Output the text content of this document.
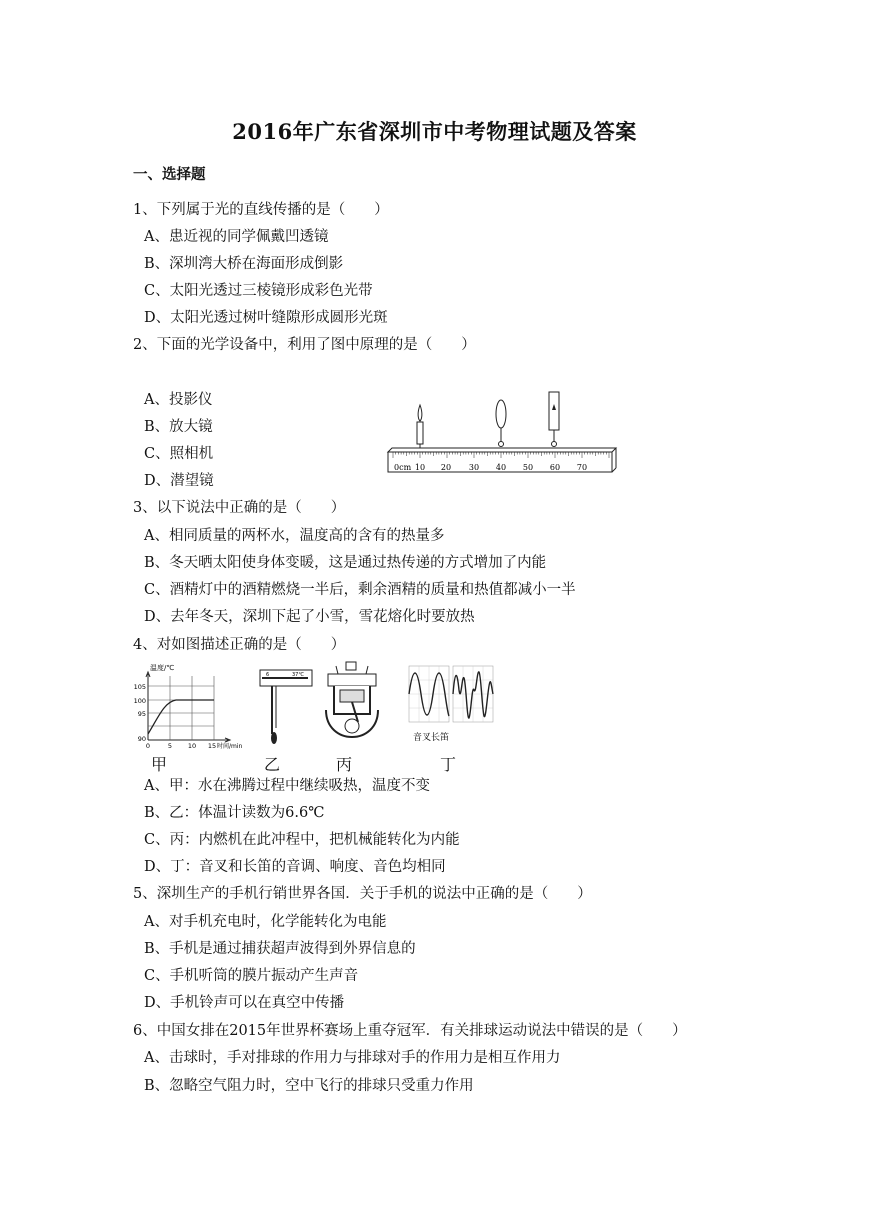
2016年广东省深圳市中考物理试题及答案
一、选择题
1、下列属于光的直线传播的是（　　）
A、患近视的同学佩戴凹透镜
B、深圳湾大桥在海面形成倒影
C、太阳光透过三棱镜形成彩色光带
D、太阳光透过树叶缝隙形成圆形光斑
2、下面的光学设备中，利用了图中原理的是（　　）
A、投影仪
B、放大镜
C、照相机
D、潜望镜
0cm 10 20 30 40 50 60 70
3、以下说法中正确的是（　　）
A、相同质量的两杯水，温度高的含有的热量多
B、冬天晒太阳使身体变暖，这是通过热传递的方式增加了内能
C、酒精灯中的酒精燃烧一半后，剩余酒精的质量和热值都减小一半
D、去年冬天，深圳下起了小雪，雪花熔化时要放热
4、对如图描述正确的是（　　）
温度/℃
105
100
95
90
0	5 10 15 时间/min
6	37℃
音叉长笛
甲	乙	丙	丁
A、甲：水在沸腾过程中继续吸热，温度不变
B、乙：体温计读数为6.6℃
C、丙：内燃机在此冲程中，把机械能转化为内能
D、丁：音叉和长笛的音调、响度、音色均相同
5、深圳生产的手机行销世界各国．关于手机的说法中正确的是（　　）
A、对手机充电时，化学能转化为电能
B、手机是通过捕获超声波得到外界信息的
C、手机听筒的膜片振动产生声音
D、手机铃声可以在真空中传播
6、中国女排在2015年世界杯赛场上重夺冠军．有关排球运动说法中错误的是（　　）
A、击球时，手对排球的作用力与排球对手的作用力是相互作用力
B、忽略空气阻力时，空中飞行的排球只受重力作用
